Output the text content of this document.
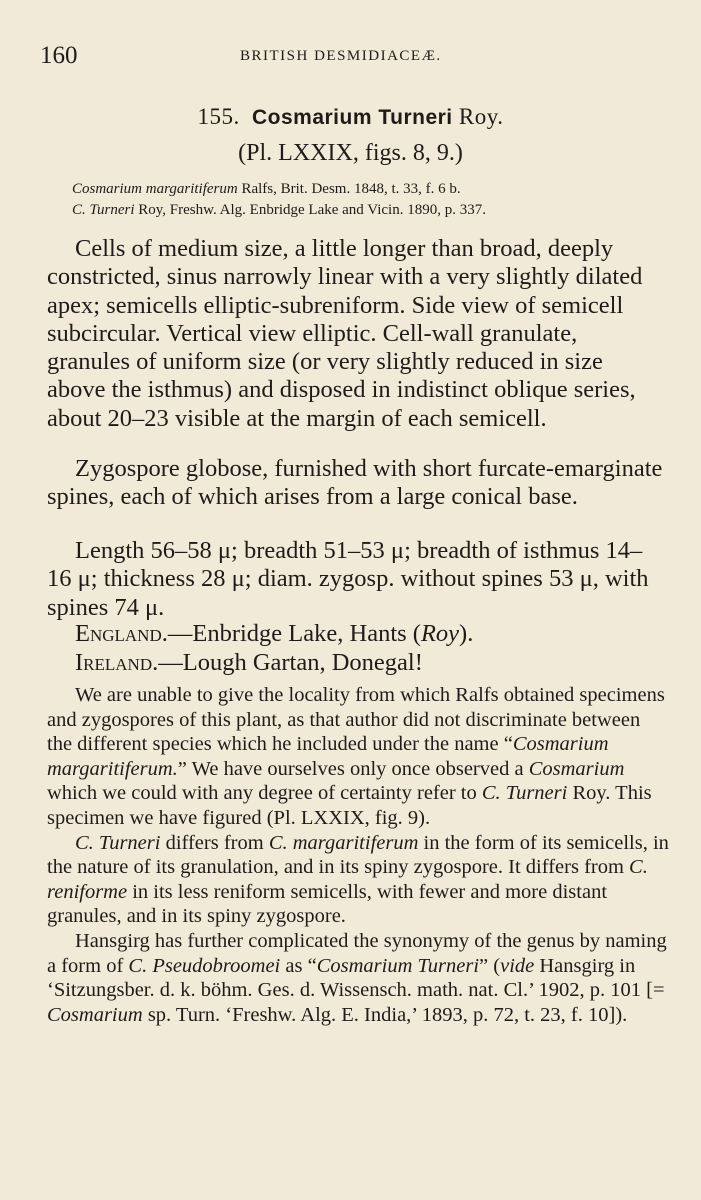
160	BRITISH DESMIDIACEÆ.
155. Cosmarium Turneri Roy.
(Pl. LXXIX, figs. 8, 9.)
Cosmarium margaritiferum Ralfs, Brit. Desm. 1848, t. 33, f. 6 b.
C. Turneri Roy, Freshw. Alg. Enbridge Lake and Vicin. 1890, p. 337.

Cells of medium size, a little longer than broad, deeply constricted, sinus narrowly linear with a very slightly dilated apex; semicells elliptic-subreniform. Side view of semicell subcircular. Vertical view elliptic. Cell-wall granulate, granules of uniform size (or very slightly reduced in size above the isthmus) and disposed in indistinct oblique series, about 20–23 visible at the margin of each semicell.

Zygospore globose, furnished with short furcate-emarginate spines, each of which arises from a large conical base.

Length 56–58 μ; breadth 51–53 μ; breadth of isthmus 14–16 μ; thickness 28 μ; diam. zygosp. without spines 53 μ, with spines 74 μ.

England.—Enbridge Lake, Hants (Roy).

Ireland.—Lough Gartan, Donegal!

We are unable to give the locality from which Ralfs obtained specimens and zygospores of this plant, as that author did not discriminate between the different species which he included under the name “Cosmarium margaritiferum.” We have ourselves only once observed a Cosmarium which we could with any degree of certainty refer to C. Turneri Roy. This specimen we have figured (Pl. LXXIX, fig. 9).

C. Turneri differs from C. margaritiferum in the form of its semicells, in the nature of its granulation, and in its spiny zygospore. It differs from C. reniforme in its less reniform semicells, with fewer and more distant granules, and in its spiny zygospore.

Hansgirg has further complicated the synonymy of the genus by naming a form of C. Pseudobroomei as “Cosmarium Turneri” (vide Hansgirg in ‘Sitzungsber. d. k. böhm. Ges. d. Wissensch. math. nat. Cl.’ 1902, p. 101 [= Cosmarium sp. Turn. ‘Freshw. Alg. E. India,’ 1893, p. 72, t. 23, f. 10]).
